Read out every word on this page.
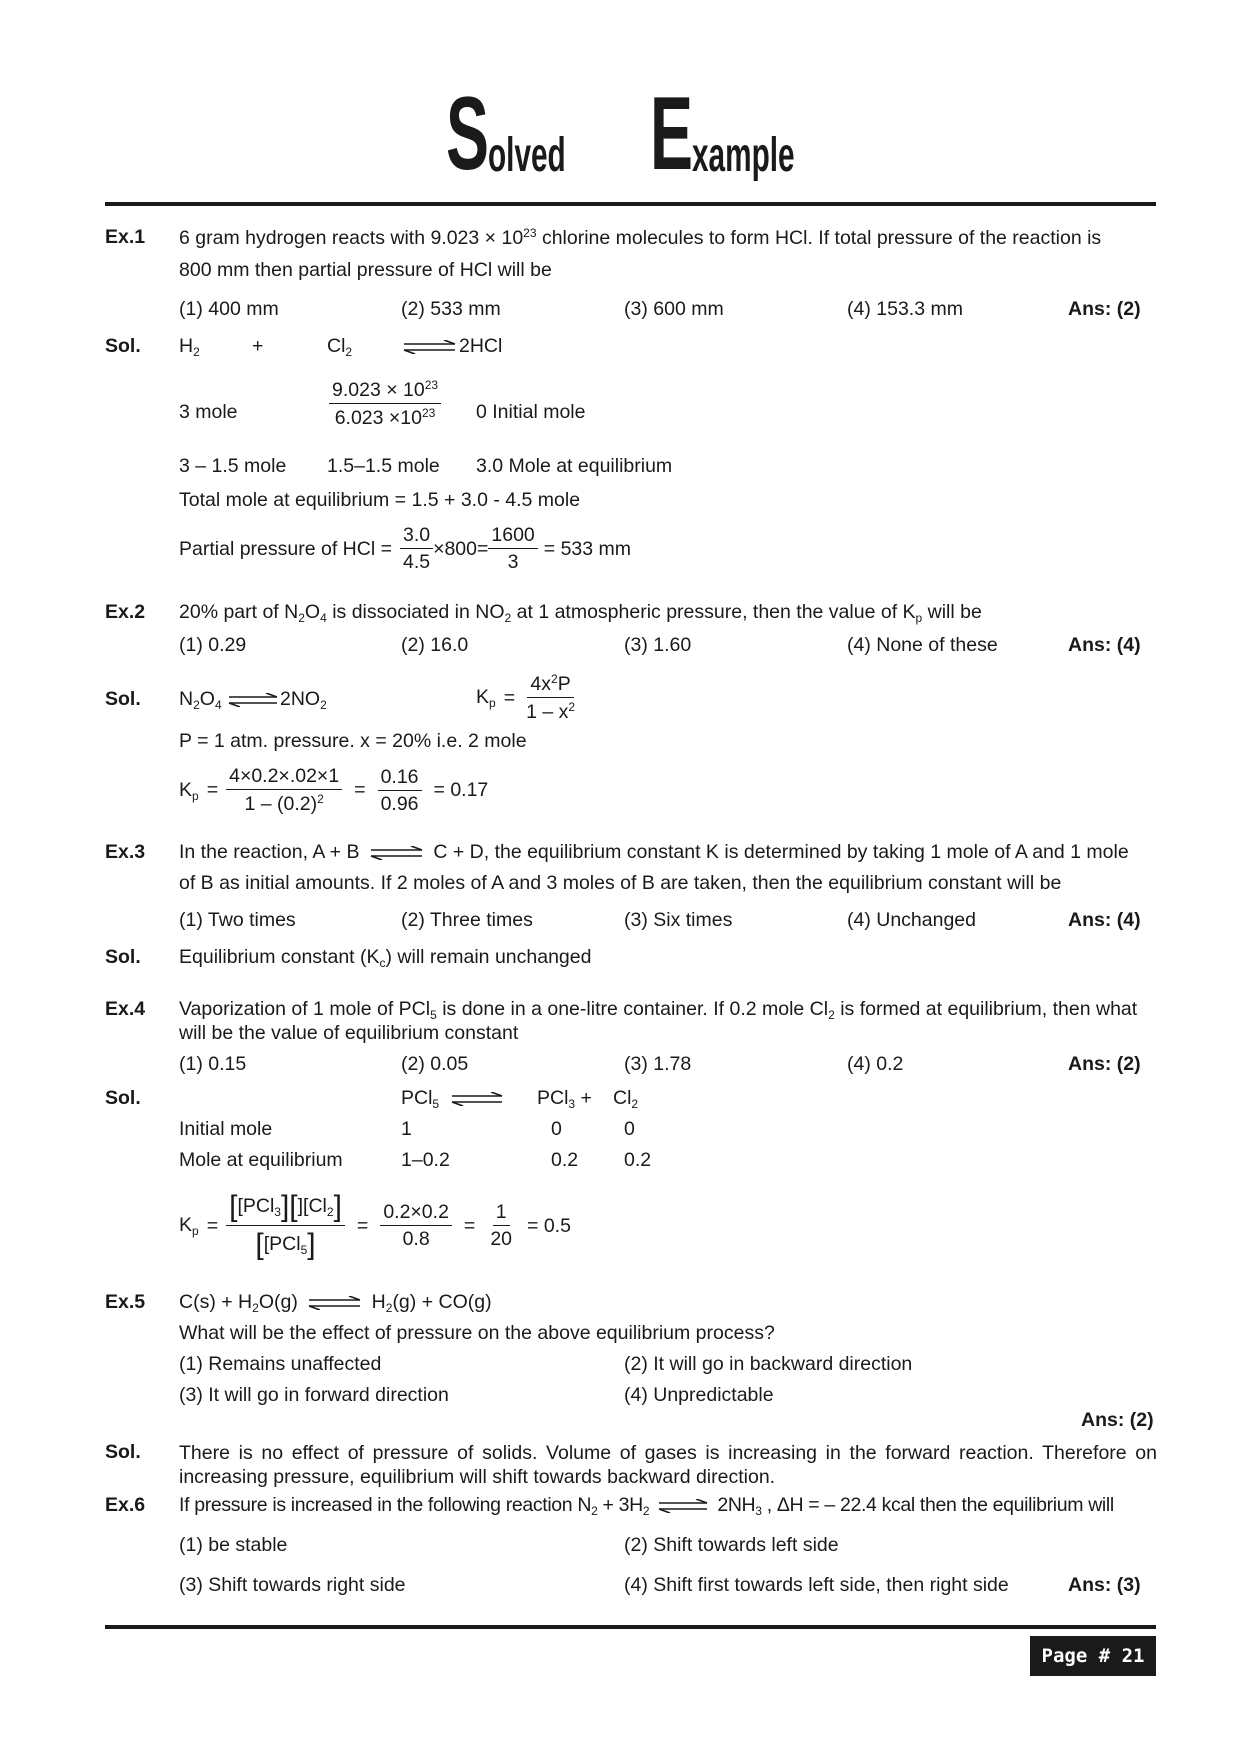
S
olved E
xample
Ex.1 6 gram hydrogen reacts with $9.023 \times 10^{23}$ chlorine molecules to form HCl. If total pressure of the reaction is
800 mm then partial pressure of HCl will be
(1) 400 mm	(2) 533 mm	(3) 600 mm	(4) 153.3 mm	Ans: (2)
Sol. $H_2$	+	$Cl_2$	⇌ 2HCl
3 mole	$\frac{9.023 \times 10^{23}}{6.023 \times 10^{23}} 0$ Initial mole
3 – 1.5 mole 1.5–1.5 mole 3.0 Mole at equilibrium
Total mole at equilibrium = 1.5 + 3.0 - 4.5 mole
Partial pressure of HCl = $\frac{3.0}{4.5} \times 800= \frac{1600}{3} = 533$ mm
Ex.2 20% part of $N_2O_4$ is dissociated in $NO_2$ at 1 atmospheric pressure, then the value of $K_p$ will be
(1) 0.29	(2) 16.0	(3) 1.60	(4) None of these	Ans: (4)
Sol. $N_2O_4$ ⇌ $2NO_2$	$K_p = \frac{4x^2P}{1 - x^2}$
P = 1 atm. pressure. x = 20% i.e. 2 mole
$K_p = \frac{4\times 0.2\times.02\times 1}{1 - (0.2)^2} = \frac{0.16}{0.96} = 0.17$
Ex.3 In the reaction, A + B ⇌ C + D, the equilibrium constant K is determined by taking 1 mole of A and 1 mole
of B as initial amounts. If 2 moles of A and 3 moles of B are taken, then the equilibrium constant will be
(1) Two times	(2) Three times	(3) Six times	(4) Unchanged	Ans: (4)
Sol. Equilibrium constant $(K_c)$ will remain unchanged
Ex.4 Vaporization of 1 mole of PCl$_5$ is done in a one-litre container. If 0.2 mole $Cl_2$ is formed at equilibrium, then what
will be the value of equilibrium constant
(1) 0.15	(2) 0.05	(3) 1.78	(4) 0.2	Ans: (2)
Sol.	PCl$_5$ ⇌ $PCl_3 + Cl_2$
Initial mole	1	0	0
Mole at equilibrium	1–0.2	0.2 0.2
$K_p = \frac{[[PCl_3][][Cl_2]}{[[PCl_5]} = \frac{0.2\times 0.2}{0.8} = \frac{1}{20} = 0.5$
Ex.5 $C(s) + H_2O(g)$ ⇌ $H_2(g) + CO(g)$
What will be the effect of pressure on the above equilibrium process?
(1) Remains unaffected	(2) It will go in backward direction
(3) It will go in forward direction	(4) Unpredictable
Ans: (2)
Sol. There is no effect of pressure of solids. Volume of gases is increasing in the forward reaction. Therefore on increasing pressure, equilibrium will shift towards backward direction.
Ex.6 If pressure is increased in the following reaction $N_2 + 3H_2$ ⇌ $2NH_3$ , ΔH = – 22.4 kcal then the equilibrium will
(1) be stable	(2) Shift towards left side
(3) Shift towards right side	(4) Shift first towards left side, then right side	Ans: (3)
Page # 21
